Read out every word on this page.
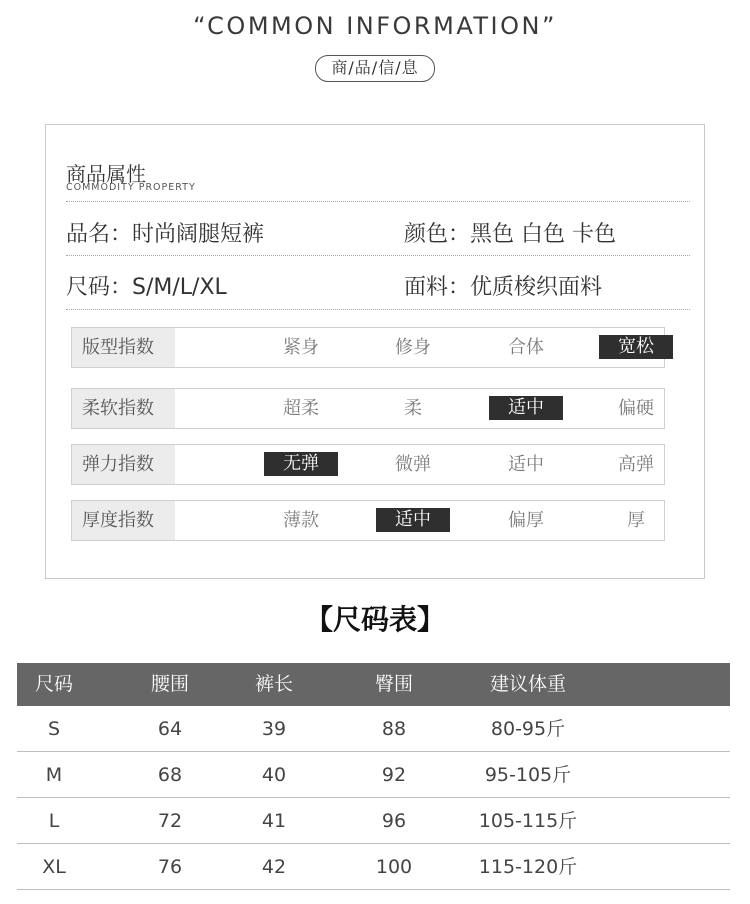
“COMMON INFORMATION”
商/品/信/息
商品属性
COMMODITY PROPERTY
品名：时尚阔腿短裤	颜色：黑色 白色 卡色
尺码：S/M/L/XL	面料：优质梭织面料
版型指数	紧身	修身	合体	宽松
柔软指数	超柔	柔	适中	偏硬
弹力指数	无弹	微弹	适中	高弹
厚度指数	薄款	适中	偏厚	厚
【尺码表】
尺码	腰围	裤长	臀围	建议体重
S	64	39	88	80-95斤
M	68	40	92	95-105斤
L	72	41	96	105-115斤
XL	76	42	100	115-120斤
